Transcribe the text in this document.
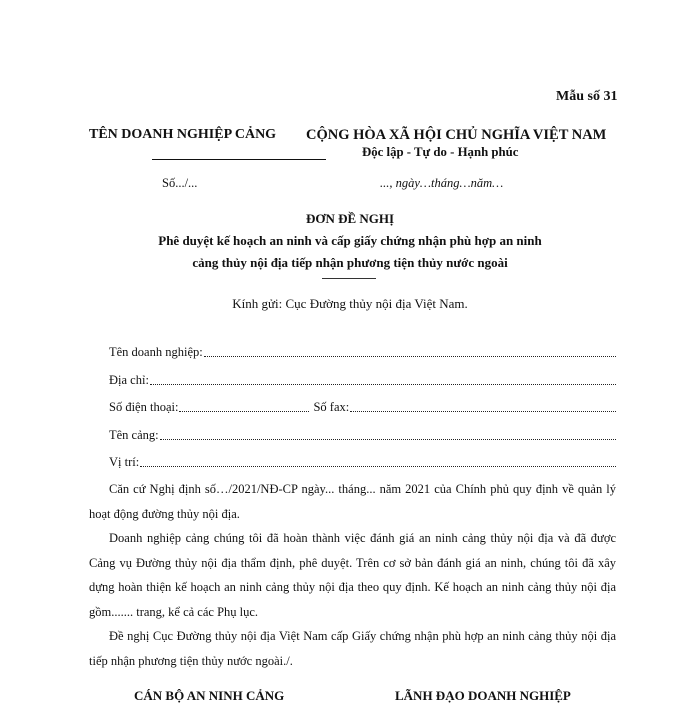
Mẫu số 31
TÊN DOANH NGHIỆP CẢNG CỘNG HÒA XÃ HỘI CHỦ NGHĨA VIỆT NAM
Độc lập - Tự do - Hạnh phúc
Số.../...	..., ngày…tháng…năm…
ĐƠN ĐỀ NGHỊ
Phê duyệt kế hoạch an ninh và cấp giấy chứng nhận phù hợp an ninh
cảng thủy nội địa tiếp nhận phương tiện thủy nước ngoài
Kính gửi: Cục Đường thủy nội địa Việt Nam.
Tên doanh nghiệp:
Địa chỉ:
Số điện thoại:	Số fax:
Tên cảng:
Vị trí:
Căn cứ Nghị định số…/2021/NĐ-CP ngày... tháng... năm 2021 của Chính phủ quy định về quản lý hoạt động đường thủy nội địa.
Doanh nghiệp cảng chúng tôi đã hoàn thành việc đánh giá an ninh cảng thủy nội địa và đã được Cảng vụ Đường thủy nội địa thẩm định, phê duyệt. Trên cơ sở bản đánh giá an ninh, chúng tôi đã xây dựng hoàn thiện kế hoạch an ninh cảng thủy nội địa theo quy định. Kế hoạch an ninh cảng thủy nội địa gồm....... trang, kể cả các Phụ lục.
Đề nghị Cục Đường thủy nội địa Việt Nam cấp Giấy chứng nhận phù hợp an ninh cảng thủy nội địa tiếp nhận phương tiện thủy nước ngoài./.
CÁN BỘ AN NINH CẢNG	LÃNH ĐẠO DOANH NGHIỆP
